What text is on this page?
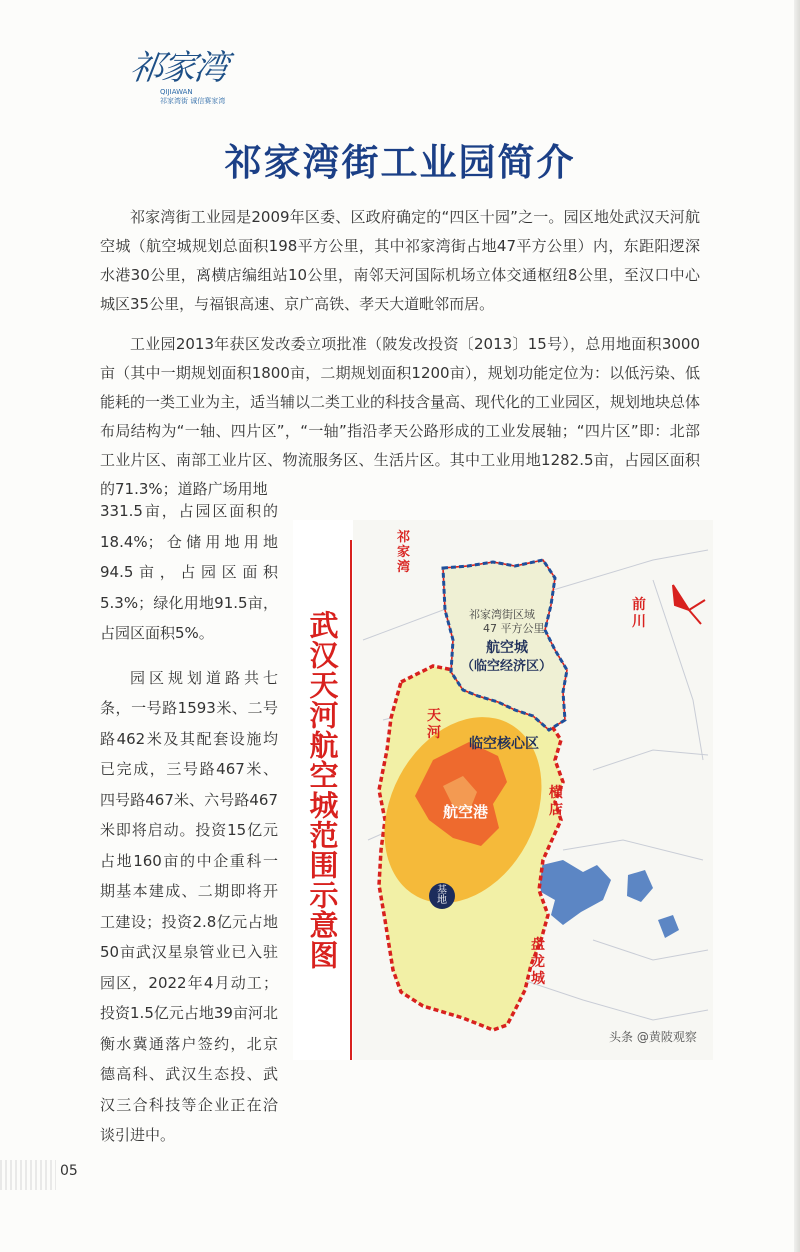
祁家湾
QIJIAWAN
祁家湾街 诚信赛家湾
祁家湾街工业园简介

祁家湾街工业园是2009年区委、区政府确定的“四区十园”之一。园区地处武汉天河航空城（航空城规划总面积198平方公里，其中祁家湾街占地47平方公里）内，东距阳逻深水港30公里，离横店编组站10公里，南邻天河国际机场立体交通枢纽8公里，至汉口中心城区35公里，与福银高速、京广高铁、孝天大道毗邻而居。

工业园2013年获区发改委立项批准（陂发改投资〔2013〕15号），总用地面积3000亩（其中一期规划面积1800亩，二期规划面积1200亩），规划功能定位为：以低污染、低能耗的一类工业为主，适当辅以二类工业的科技含量高、现代化的工业园区，规划地块总体布局结构为“一轴、四片区”，“一轴”指沿孝天公路形成的工业发展轴；“四片区”即：北部工业片区、南部工业片区、物流服务区、生活片区。其中工业用地1282.5亩，占园区面积的71.3%；道路广场用地

331.5亩，占园区面积的18.4%；仓储用地用地94.5亩，占园区面积5.3%；绿化用地91.5亩，占园区面积5%。

园区规划道路共七条，一号路1593米、二号路462米及其配套设施均已完成，三号路467米、四号路467米、六号路467米即将启动。投资15亿元占地160亩的中企重科一期基本建成、二期即将开工建设；投资2.8亿元占地50亩武汉星泉管业已入驻园区，2022年4月动工；投资1.5亿元占地39亩河北衡水冀通落户签约，北京德高科、武汉生态投、武汉三合科技等企业正在洽谈引进中。

武汉天河航空城范围示意图
祁家湾
祁家湾街区域
47 平方公里
航空城
（临空经济区）
天河
临空核心区
航空港
横店
前川
基地
盘龙城
头条 @黄陂观察
05
